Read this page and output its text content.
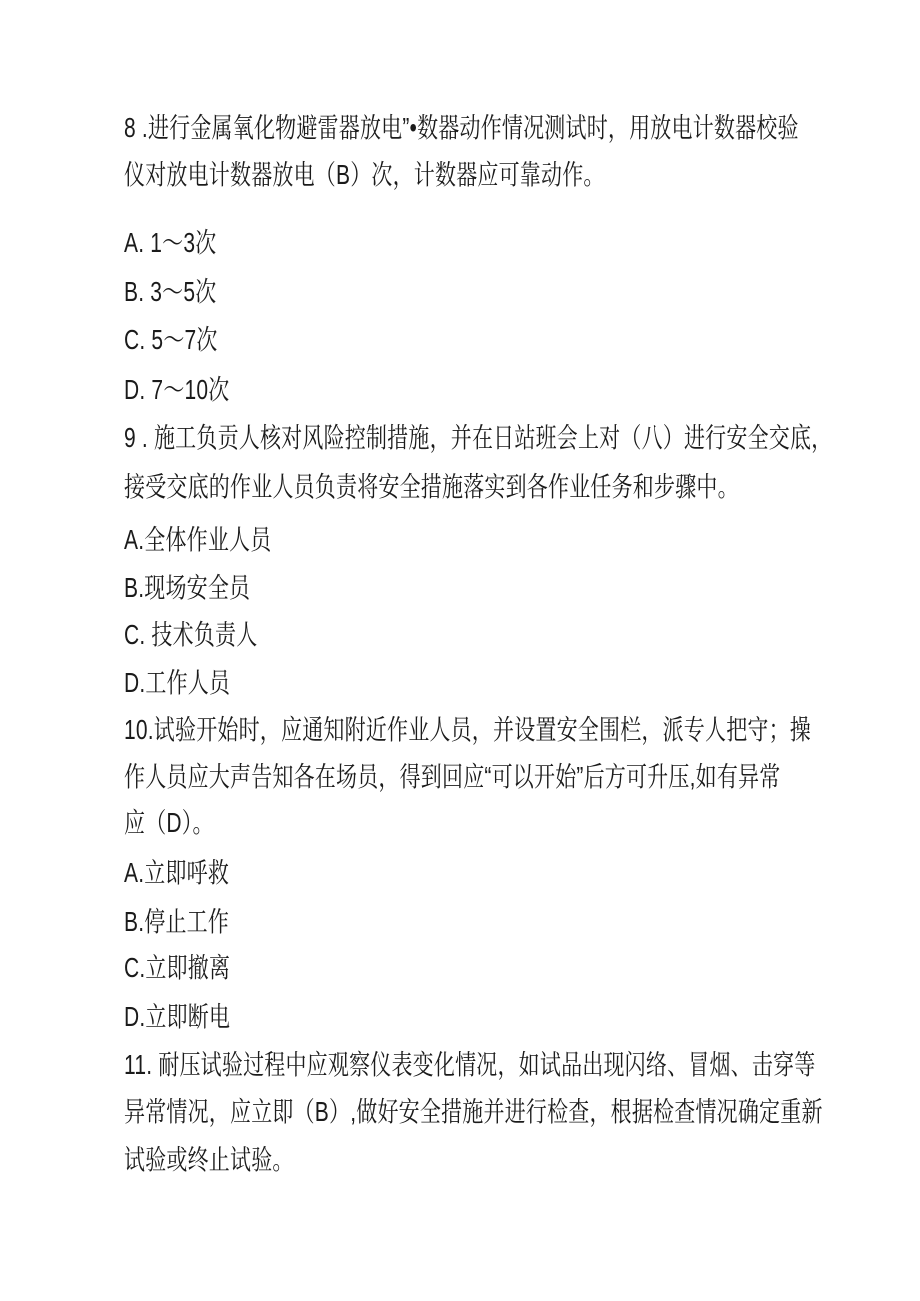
8 .进行金属氧化物避雷器放电”•数器动作情况测试时，用放电计数器校验
仪对放电计数器放电（B）次，计数器应可靠动作。
A. 1～3次
B. 3～5次
C. 5～7次
D. 7～10次
9 . 施工负贡人核对风险控制措施，并在日站班会上对（八）进行安全交底，
接受交底的作业人员负责将安全措施落实到各作业任务和步骤中。
A.全体作业人员
B.现场安全员
C. 技术负责人
D.工作人员
10.试验开始时，应通知附近作业人员，并设置安全围栏，派专人把守；操
作人员应大声告知各在场员，得到回应“可以开始”后方可升压,如有异常
应（D）。
A.立即呼救
B.停止工作
C.立即撤离
D.立即断电
11. 耐压试验过程中应观察仪表变化情况，如试品出现闪络、冒烟、击穿等
异常情况，应立即（B）,做好安全措施并进行检查，根据检查情况确定重新
试验或终止试验。
